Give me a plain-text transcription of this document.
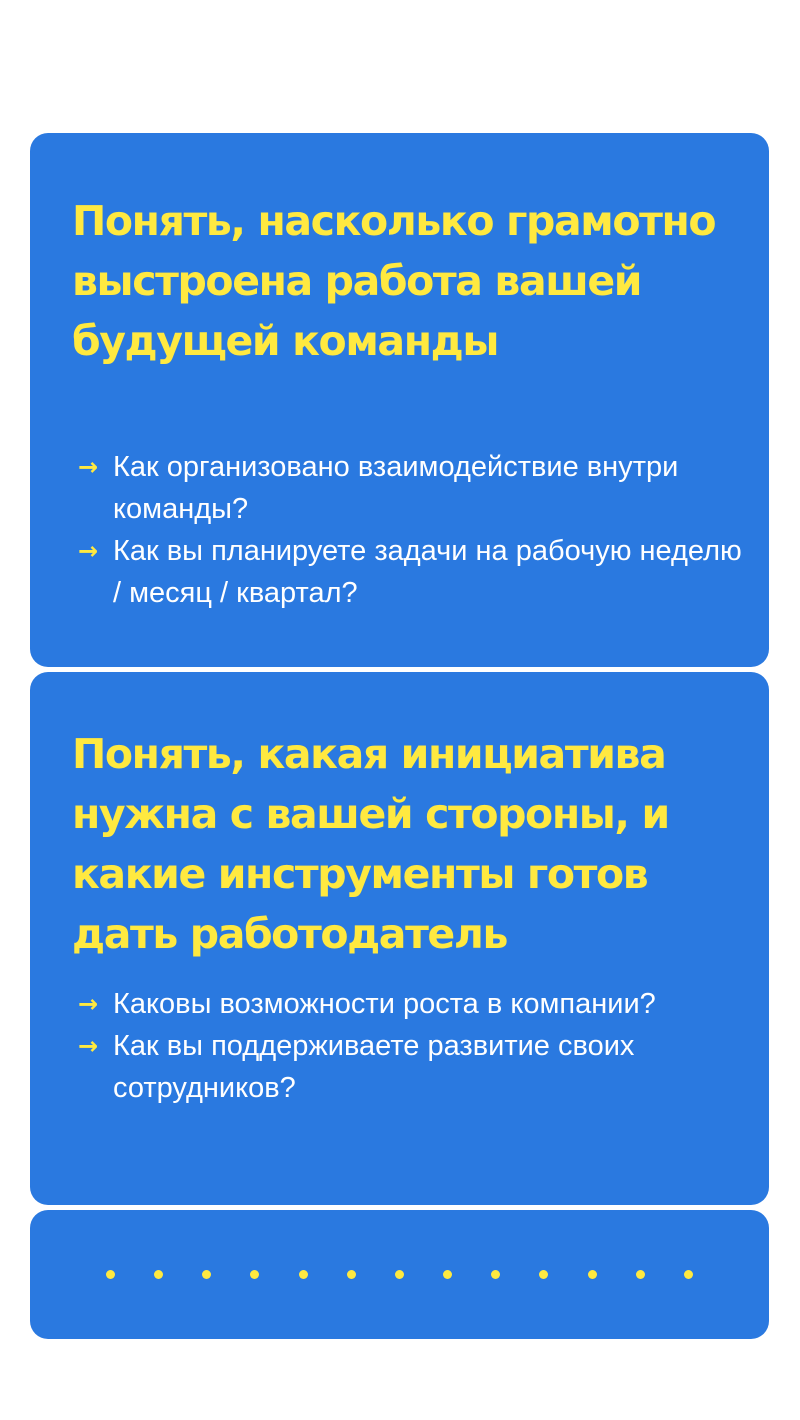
Понять, насколько грамотно выстроена работа вашей будущей команды
→ Как организовано взаимодействие внутри команды?
→ Как вы планируете задачи на рабочую неделю / месяц / квартал?
Понять, какая инициатива нужна с вашей стороны, и какие инструменты готов дать работодатель
→ Каковы возможности роста в компании?
→ Как вы поддерживаете развитие своих сотрудников?
